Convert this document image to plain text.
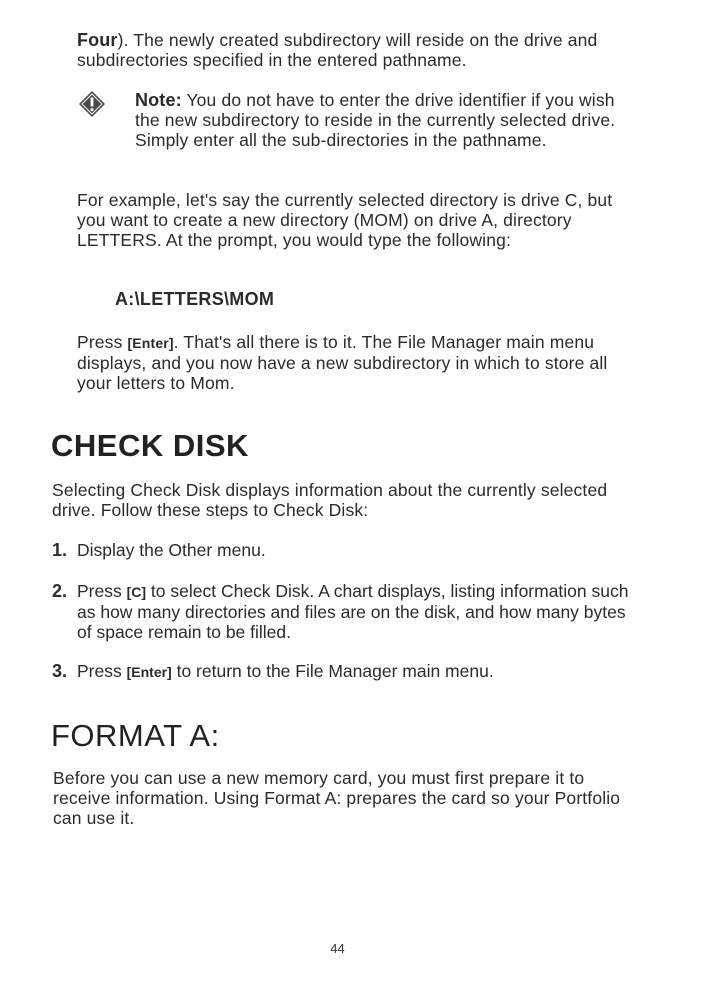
Four). The newly created subdirectory will reside on the drive and subdirectories specified in the entered pathname.
Note: You do not have to enter the drive identifier if you wish the new subdirectory to reside in the currently selected drive. Simply enter all the sub-directories in the pathname.
For example, let's say the currently selected directory is drive C, but you want to create a new directory (MOM) on drive A, directory LETTERS. At the prompt, you would type the following:
A:\LETTERS\MOM
Press [Enter]. That's all there is to it. The File Manager main menu displays, and you now have a new subdirectory in which to store all your letters to Mom.
CHECK DISK
Selecting Check Disk displays information about the currently selected drive. Follow these steps to Check Disk:
1. Display the Other menu.
2. Press [C] to select Check Disk. A chart displays, listing information such as how many directories and files are on the disk, and how many bytes of space remain to be filled.
3. Press [Enter] to return to the File Manager main menu.
FORMAT A:
Before you can use a new memory card, you must first prepare it to receive information. Using Format A: prepares the card so your Portfolio can use it.
44
